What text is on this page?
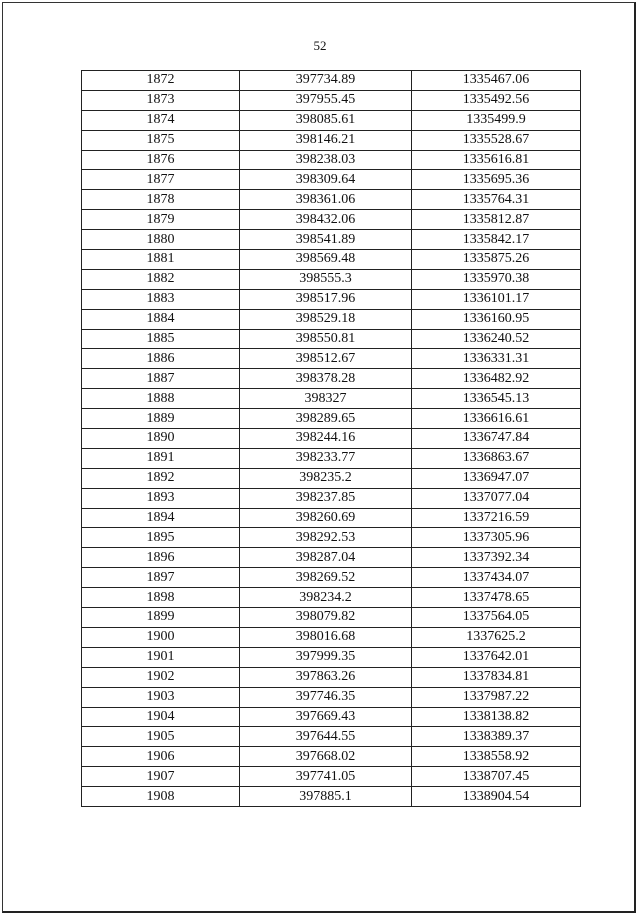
52
1872	397734.89	1335467.06
1873	397955.45	1335492.56
1874	398085.61	1335499.9
1875	398146.21	1335528.67
1876	398238.03	1335616.81
1877	398309.64	1335695.36
1878	398361.06	1335764.31
1879	398432.06	1335812.87
1880	398541.89	1335842.17
1881	398569.48	1335875.26
1882	398555.3	1335970.38
1883	398517.96	1336101.17
1884	398529.18	1336160.95
1885	398550.81	1336240.52
1886	398512.67	1336331.31
1887	398378.28	1336482.92
1888	398327	1336545.13
1889	398289.65	1336616.61
1890	398244.16	1336747.84
1891	398233.77	1336863.67
1892	398235.2	1336947.07
1893	398237.85	1337077.04
1894	398260.69	1337216.59
1895	398292.53	1337305.96
1896	398287.04	1337392.34
1897	398269.52	1337434.07
1898	398234.2	1337478.65
1899	398079.82	1337564.05
1900	398016.68	1337625.2
1901	397999.35	1337642.01
1902	397863.26	1337834.81
1903	397746.35	1337987.22
1904	397669.43	1338138.82
1905	397644.55	1338389.37
1906	397668.02	1338558.92
1907	397741.05	1338707.45
1908	397885.1	1338904.54
